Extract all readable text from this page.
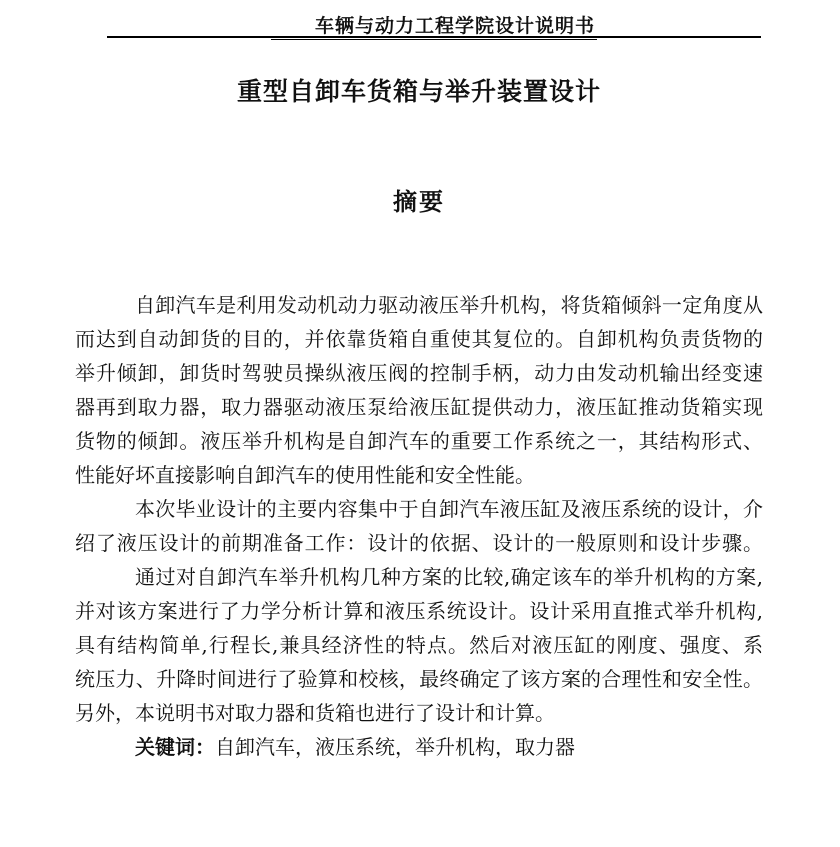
车辆与动力工程学院设计说明书
重型自卸车货箱与举升装置设计
摘要
自卸汽车是利用发动机动力驱动液压举升机构，将货箱倾斜一定角度从
而达到自动卸货的目的，并依靠货箱自重使其复位的。自卸机构负责货物的
举升倾卸，卸货时驾驶员操纵液压阀的控制手柄，动力由发动机输出经变速
器再到取力器，取力器驱动液压泵给液压缸提供动力，液压缸推动货箱实现
货物的倾卸。液压举升机构是自卸汽车的重要工作系统之一，其结构形式、
性能好坏直接影响自卸汽车的使用性能和安全性能。
本次毕业设计的主要内容集中于自卸汽车液压缸及液压系统的设计，介
绍了液压设计的前期准备工作：设计的依据、设计的一般原则和设计步骤。
通过对自卸汽车举升机构几种方案的比较,确定该车的举升机构的方案,
并对该方案进行了力学分析计算和液压系统设计。设计采用直推式举升机构,
具有结构简单,行程长,兼具经济性的特点。然后对液压缸的刚度、强度、系
统压力、升降时间进行了验算和校核，最终确定了该方案的合理性和安全性。
另外，本说明书对取力器和货箱也进行了设计和计算。
关键词：自卸汽车，液压系统，举升机构，取力器
